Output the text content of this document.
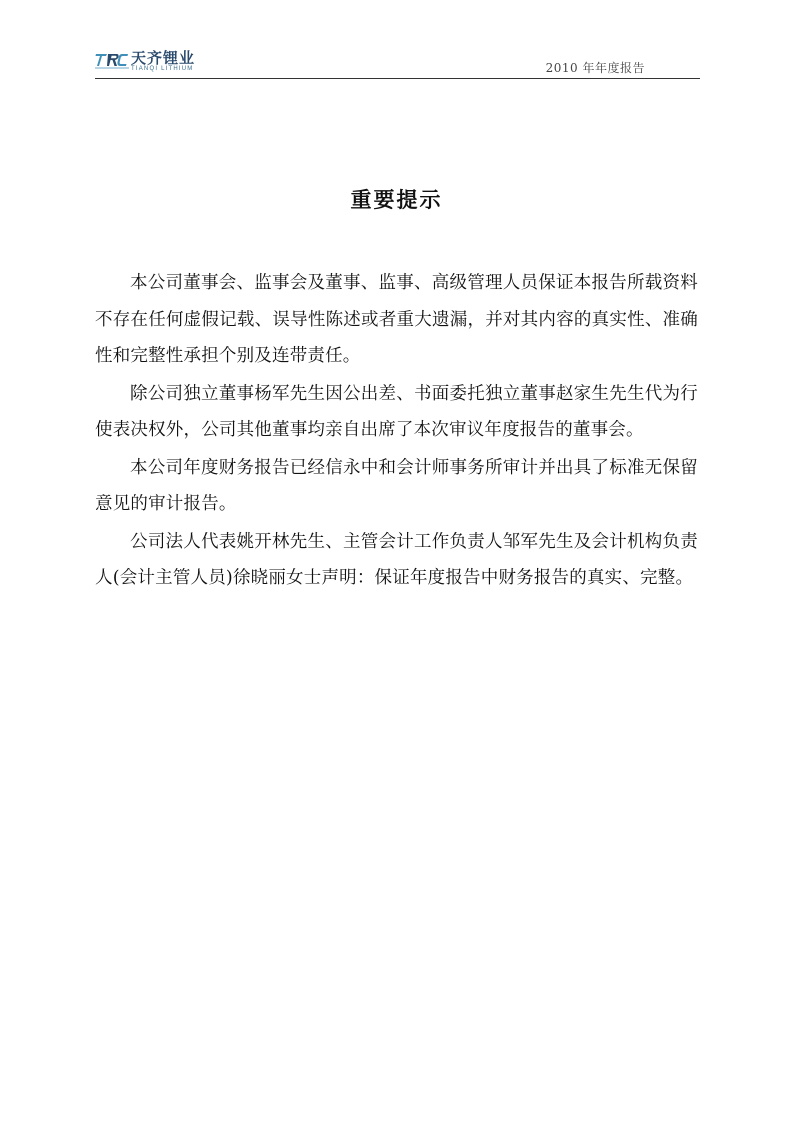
天齐锂业
TIANQI LITHIUM	2010 年年度报告
重要提示

本公司董事会、监事会及董事、监事、高级管理人员保证本报告所载资料不存在任何虚假记载、误导性陈述或者重大遗漏，并对其内容的真实性、准确性和完整性承担个别及连带责任。

除公司独立董事杨军先生因公出差、书面委托独立董事赵家生先生代为行使表决权外，公司其他董事均亲自出席了本次审议年度报告的董事会。

本公司年度财务报告已经信永中和会计师事务所审计并出具了标准无保留意见的审计报告。

公司法人代表姚开林先生、主管会计工作负责人邹军先生及会计机构负责人(会计主管人员)徐晓丽女士声明：保证年度报告中财务报告的真实、完整。
